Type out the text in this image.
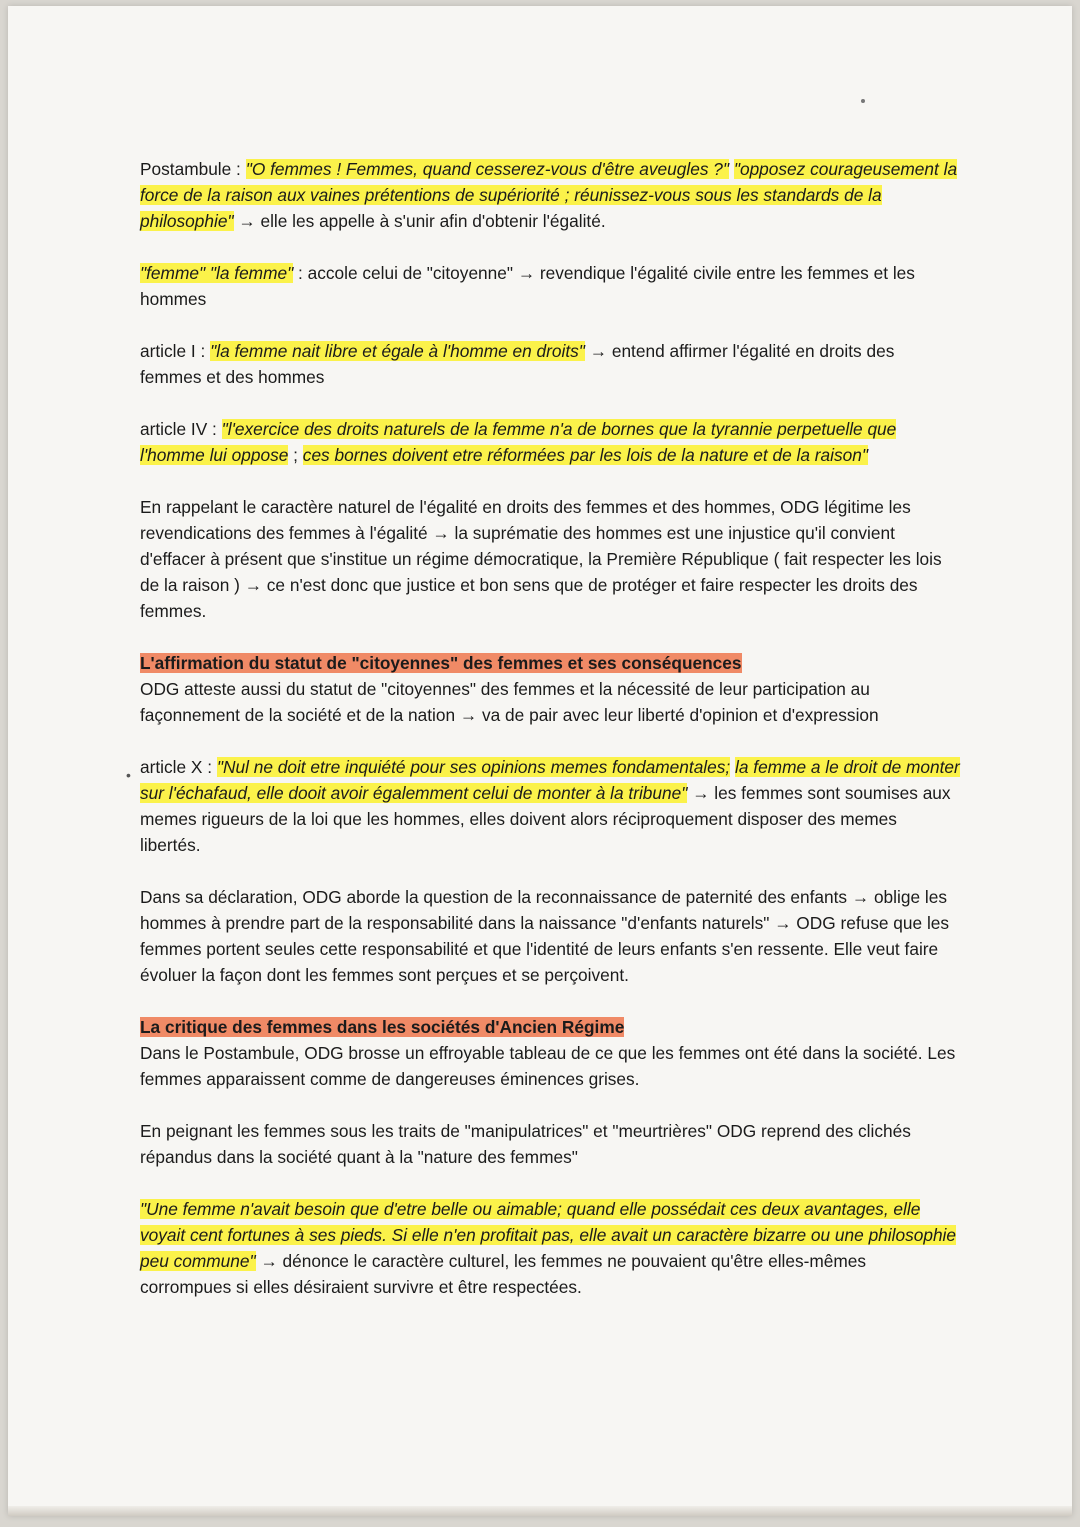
•

Postambule : "O femmes ! Femmes, quand cesserez-vous d'être aveugles ?" "opposez courageusement la force de la raison aux vaines prétentions de supériorité ; réunissez-vous sous les standards de la philosophie" → elle les appelle à s'unir afin d'obtenir l'égalité.

"femme" "la femme" : accole celui de "citoyenne" → revendique l'égalité civile entre les femmes et les hommes

article I : "la femme nait libre et égale à l'homme en droits" → entend affirmer l'égalité en droits des femmes et des hommes

article IV : "l'exercice des droits naturels de la femme n'a de bornes que la tyrannie perpetuelle que l'homme lui oppose ; ces bornes doivent etre réformées par les lois de la nature et de la raison"

En rappelant le caractère naturel de l'égalité en droits des femmes et des hommes, ODG légitime les revendications des femmes à l'égalité → la suprématie des hommes est une injustice qu'il convient d'effacer à présent que s'institue un régime démocratique, la Première République ( fait respecter les lois de la raison ) → ce n'est donc que justice et bon sens que de protéger et faire respecter les droits des femmes.

L'affirmation du statut de "citoyennes" des femmes et ses conséquences

ODG atteste aussi du statut de "citoyennes" des femmes et la nécessité de leur participation au façonnement de la société et de la nation → va de pair avec leur liberté d'opinion et d'expression

article X : "Nul ne doit etre inquiété pour ses opinions memes fondamentales; la femme a le droit de monter sur l'échafaud, elle dooit avoir égalemment celui de monter à la tribune" → les femmes sont soumises aux memes rigueurs de la loi que les hommes, elles doivent alors réciproquement disposer des memes libertés.

Dans sa déclaration, ODG aborde la question de la reconnaissance de paternité des enfants → oblige les hommes à prendre part de la responsabilité dans la naissance "d'enfants naturels" → ODG refuse que les femmes portent seules cette responsabilité et que l'identité de leurs enfants s'en ressente. Elle veut faire évoluer la façon dont les femmes sont perçues et se perçoivent.

La critique des femmes dans les sociétés d'Ancien Régime

Dans le Postambule, ODG brosse un effroyable tableau de ce que les femmes ont été dans la société. Les femmes apparaissent comme de dangereuses éminences grises.

En peignant les femmes sous les traits de "manipulatrices" et "meurtrières" ODG reprend des clichés répandus dans la société quant à la "nature des femmes"

"Une femme n'avait besoin que d'etre belle ou aimable; quand elle possédait ces deux avantages, elle voyait cent fortunes à ses pieds. Si elle n'en profitait pas, elle avait un caractère bizarre ou une philosophie peu commune" → dénonce le caractère culturel, les femmes ne pouvaient qu'être elles-mêmes corrompues si elles désiraient survivre et être respectées.
